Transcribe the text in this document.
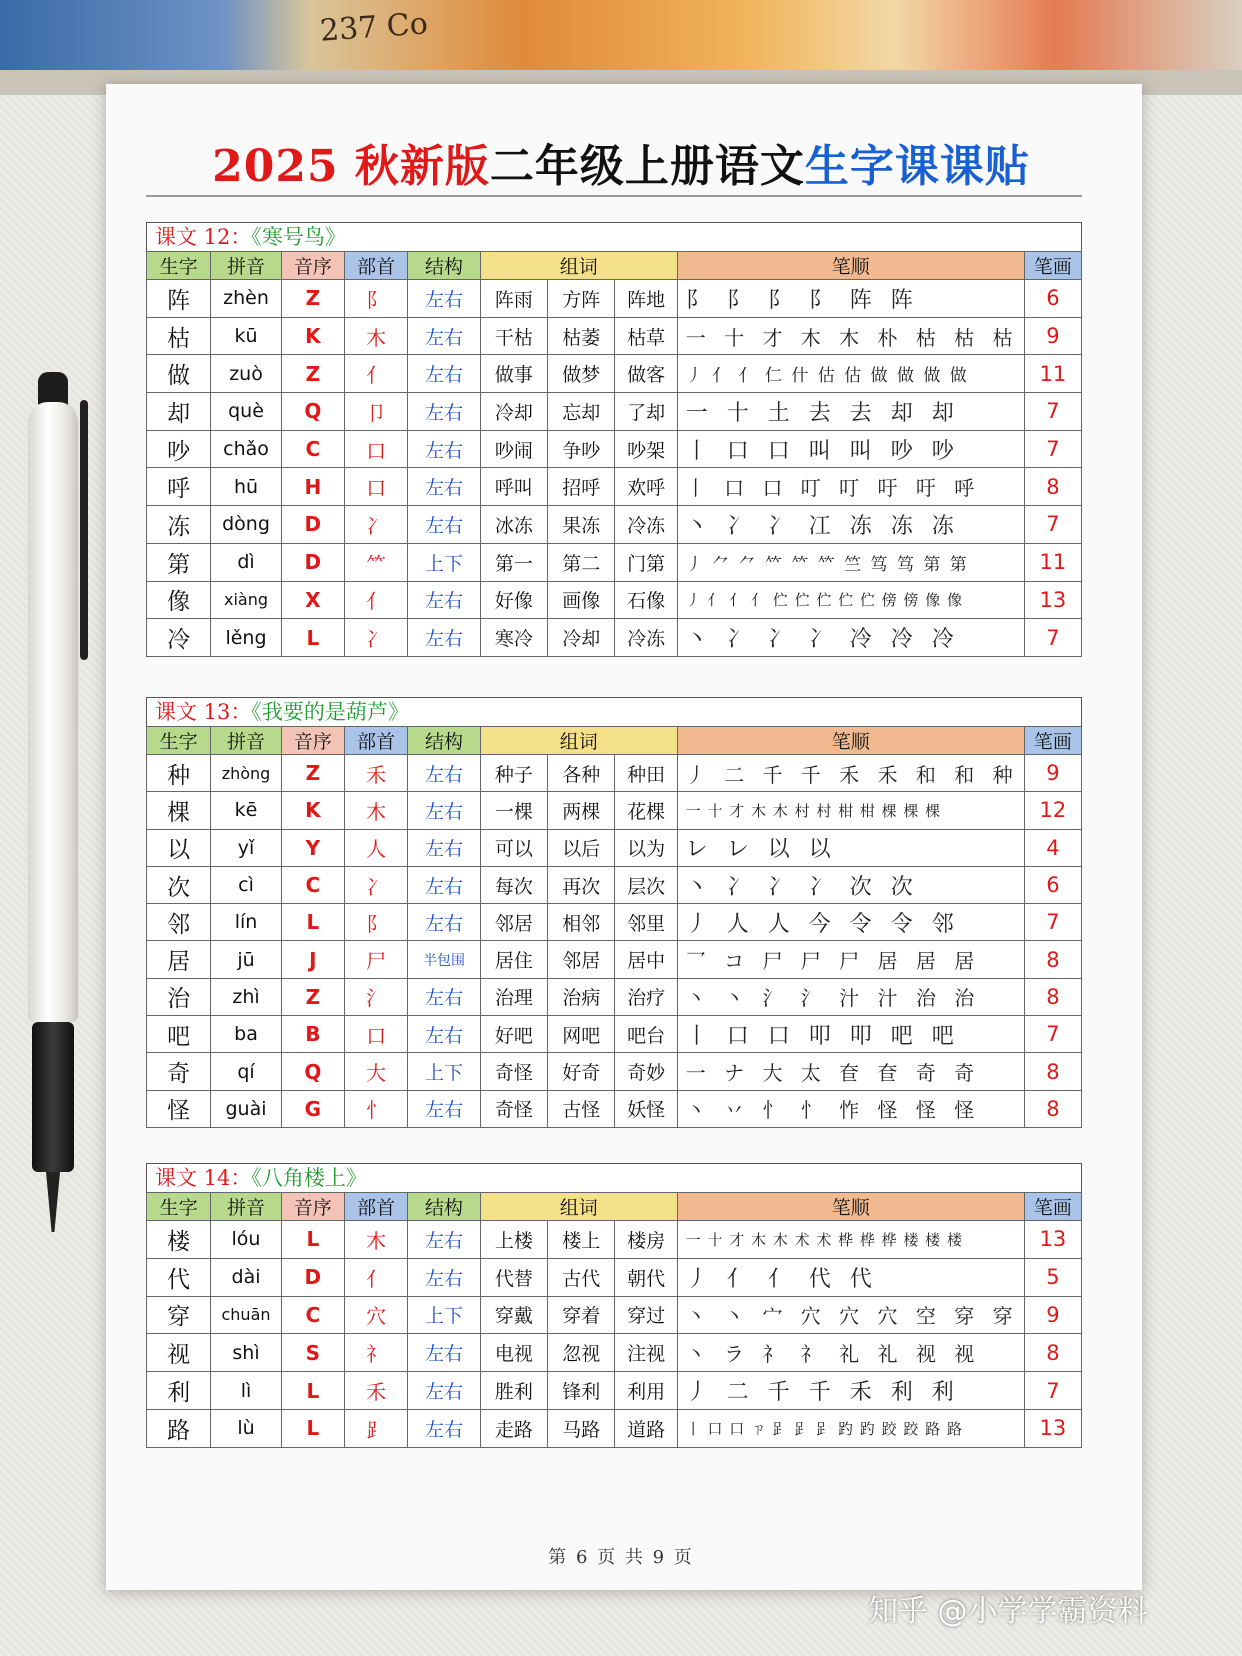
237 Co
2025 秋新版二年级上册语文生字课课贴
课文 12：《寒号鸟》
生字	拼音	音序	部首	结构	组词			笔顺	笔画
阵	zhèn	Z	阝	左右	阵雨	方阵	阵地	阝 阝 阝 阝 阵 阵	6
枯	kū	K	木	左右	干枯	枯萎	枯草	一 十 才 木 木 朴 枯 枯 枯	9
做	zuò	Z	亻	左右	做事	做梦	做客	丿 亻 亻 仁 什 估 估 做 做 做 做	11
却	què	Q	卩	左右	冷却	忘却	了却	一 十 土 去 去 却 却	7
吵	chǎo	C	口	左右	吵闹	争吵	吵架	丨 口 口 叫 叫 吵 吵	7
呼	hū	H	口	左右	呼叫	招呼	欢呼	丨 口 口 叮 叮 吁 吁 呼	8
冻	dòng	D	冫	左右	冰冻	果冻	冷冻	丶 冫 冫 冮 冻 冻 冻	7
第	dì	D	⺮	上下	第一	第二	门第	丿 ⺈ ⺈ 𥫗 𥫗 𥫗 竺 笃 笃 第 第	11
像	xiàng	X	亻	左右	好像	画像	石像	丿 亻 亻 亻 伫 伫 伫 伫 伫 傍 傍 像 像	13
冷	lěng	L	冫	左右	寒冷	冷却	冷冻	丶 冫 冫 冫 冷 冷 冷	7
课文 13：《我要的是葫芦》
生字	拼音	音序	部首	结构	组词			笔顺	笔画
种	zhòng	Z	禾	左右	种子	各种	种田	丿 二 千 千 禾 禾 和 和 种	9
棵	kē	K	木	左右	一棵	两棵	花棵	一 十 才 木 木 村 村 柑 柑 棵 棵 棵	12
以	yǐ	Y	人	左右	可以	以后	以为	レ レ 以 以	4
次	cì	C	冫	左右	每次	再次	层次	丶 冫 冫 冫 次 次	6
邻	lín	L	阝	左右	邻居	相邻	邻里	丿 人 人 今 令 令 邻	7
居	jū	J	尸	半包围	居住	邻居	居中	乛 コ 尸 尸 尸 居 居 居	8
治	zhì	Z	氵	左右	治理	治病	治疗	丶 丶 氵 氵 汁 汁 治 治	8
吧	ba	B	口	左右	好吧	网吧	吧台	丨 口 口 叩 叩 吧 吧	7
奇	qí	Q	大	上下	奇怪	好奇	奇妙	一 ナ 大 太 奆 奆 奇 奇	8
怪	guài	G	忄	左右	奇怪	古怪	妖怪	丶 丷 忄 忄 怍 怪 怪 怪	8
课文 14：《八角楼上》
生字	拼音	音序	部首	结构	组词			笔顺	笔画
楼	lóu	L	木	左右	上楼	楼上	楼房	一 十 才 木 木 术 术 桦 桦 桦 楼 楼 楼	13
代	dài	D	亻	左右	代替	古代	朝代	丿 亻 亻 代 代	5
穿	chuān	C	穴	上下	穿戴	穿着	穿过	丶 丶 宀 穴 穴 穴 空 穿 穿	9
视	shì	S	礻	左右	电视	忽视	注视	丶 ラ 礻 礻 礼 礼 视 视	8
利	lì	L	禾	左右	胜利	锋利	利用	丿 二 千 千 禾 利 利	7
路	lù	L	⻊	左右	走路	马路	道路	丨 口 口 ㄗ 𧾷 𧾷 𧾷 趵 趵 跤 跤 路 路	13
第 6 页 共 9 页
知乎 @小学学霸资料
